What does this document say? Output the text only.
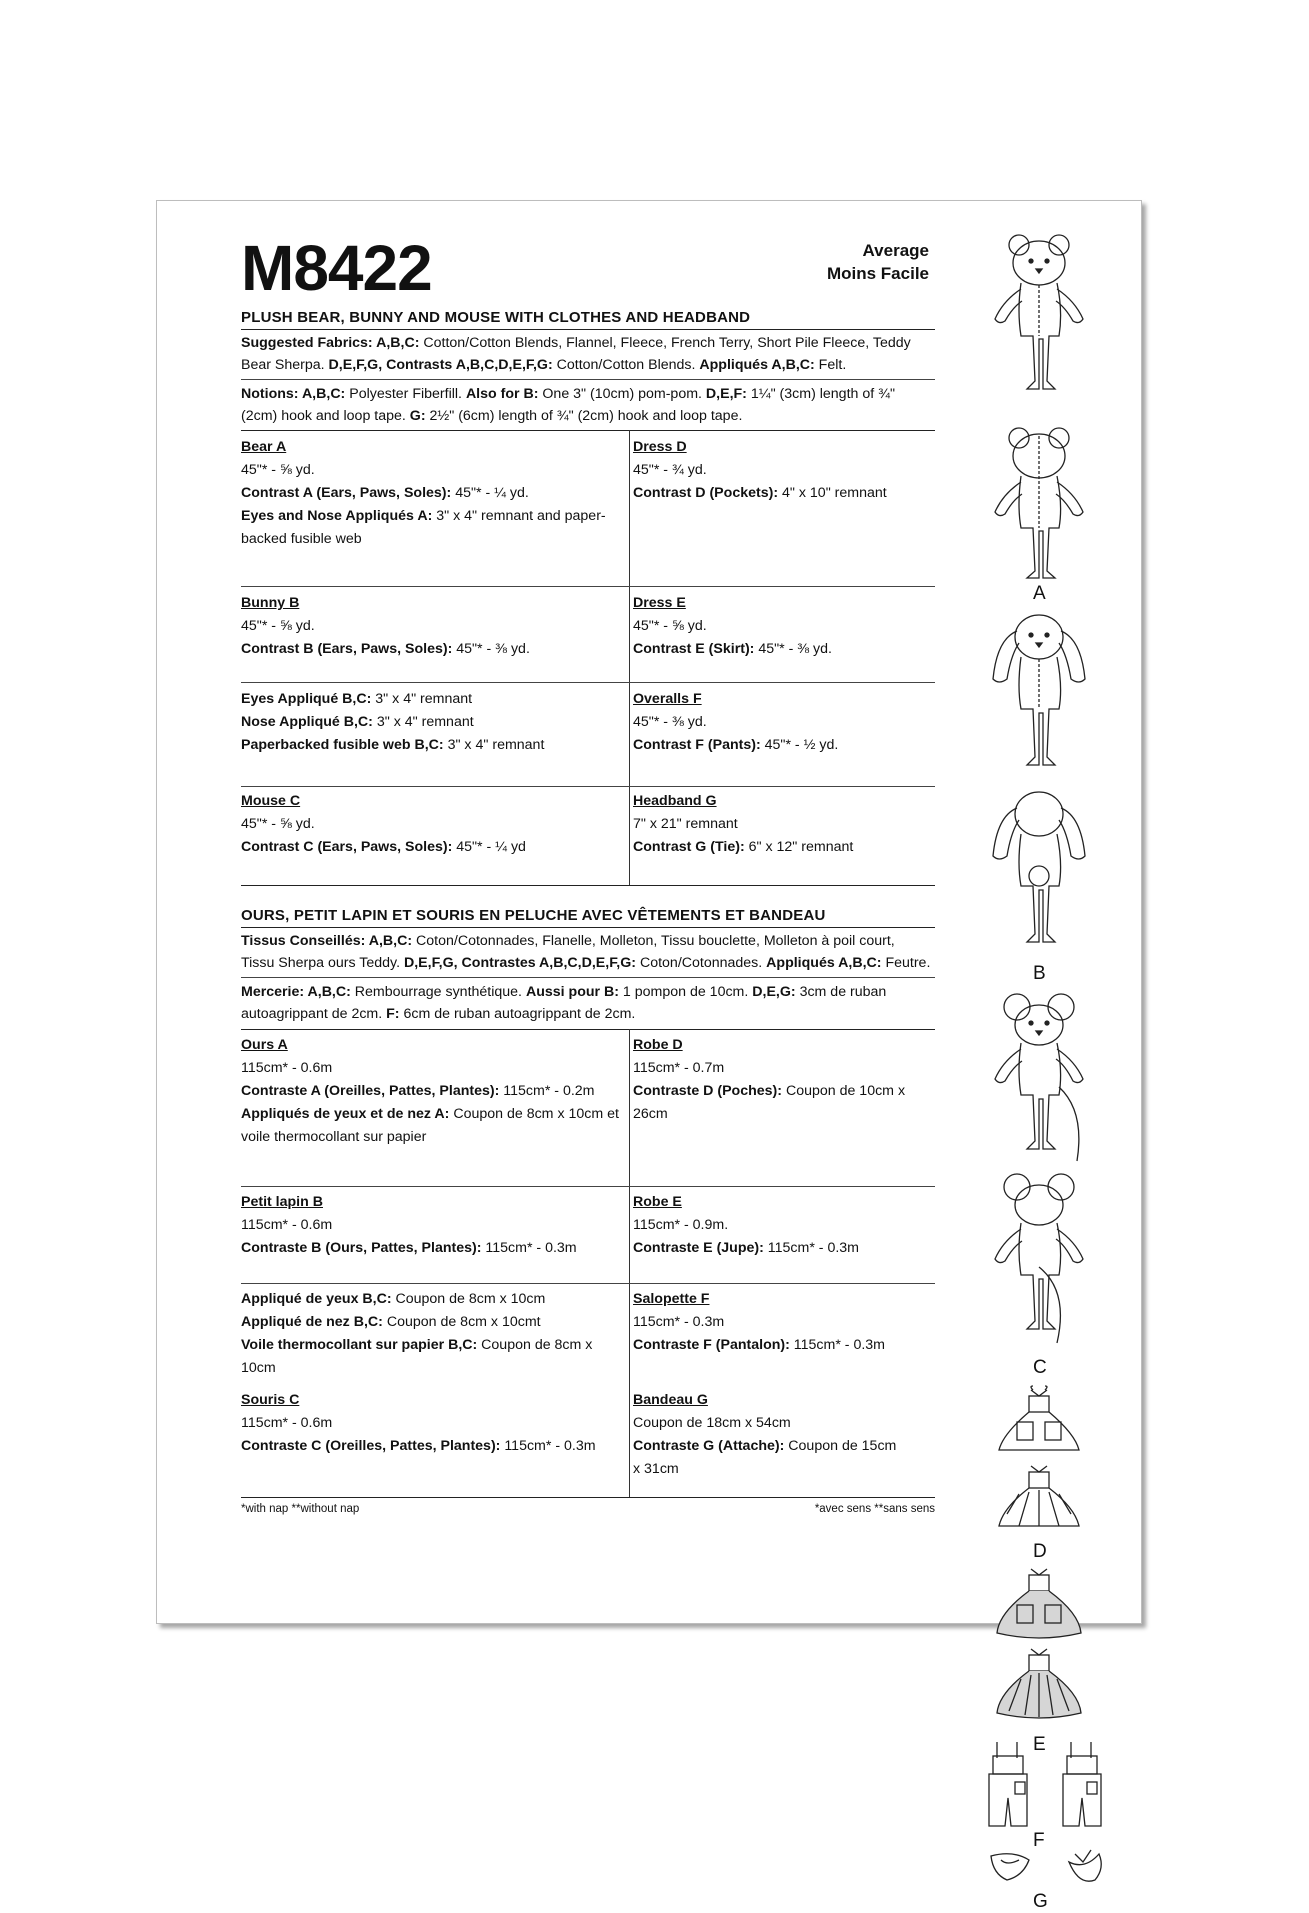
M8422	Average
Moins Facile
PLUSH BEAR, BUNNY AND MOUSE WITH CLOTHES AND HEADBAND
Suggested Fabrics: A,B,C: Cotton/Cotton Blends, Flannel, Fleece, French Terry, Short Pile Fleece, Teddy Bear Sherpa. D,E,F,G, Contrasts A,B,C,D,E,F,G: Cotton/Cotton Blends. Appliqués A,B,C: Felt.
Notions: A,B,C: Polyester Fiberfill. Also for B: One 3" (10cm) pom-pom. D,E,F: 1¼" (3cm) length of ¾" (2cm) hook and loop tape. G: 2½" (6cm) length of ¾" (2cm) hook and loop tape.
OURS, PETIT LAPIN ET SOURIS EN PELUCHE AVEC VÊTEMENTS ET BANDEAU
Tissus Conseillés: A,B,C: Coton/Cotonnades, Flanelle, Molleton, Tissu bouclette, Molleton à poil court, Tissu Sherpa ours Teddy. D,E,F,G, Contrastes A,B,C,D,E,F,G: Coton/Cotonnades. Appliqués A,B,C: Feutre.
Mercerie: A,B,C: Rembourrage synthétique. Aussi pour B: 1 pompon de 10cm. D,E,G: 3cm de ruban autoagrippant de 2cm. F: 6cm de ruban autoagrippant de 2cm.
*with nap **without nap	*avec sens **sans sens
A
B
C
D
E
F
G
Bear A
45"* - ⅝ yd.
Contrast A (Ears, Paws, Soles): 45"* - ¼ yd.
Eyes and Nose Appliqués A: 3" x 4" remnant and paper-
backed fusible web
Bunny B
45"* - ⅝ yd.
Contrast B (Ears, Paws, Soles): 45"* - ⅜ yd.
Eyes Appliqué B,C: 3" x 4" remnant
Nose Appliqué B,C: 3" x 4" remnant
Paperbacked fusible web B,C: 3" x 4" remnant
Mouse C
45"* - ⅝ yd.
Contrast C (Ears, Paws, Soles): 45"* - ¼ yd
Dress D
45"* - ¾ yd.
Contrast D (Pockets): 4" x 10" remnant
Dress E
45"* - ⅝ yd.
Contrast E (Skirt): 45"* - ⅜ yd.
Overalls F
45"* - ⅜ yd.
Contrast F (Pants): 45"* - ½ yd.
Headband G
7" x 21" remnant
Contrast G (Tie): 6" x 12" remnant
Ours A
115cm* - 0.6m
Contraste A (Oreilles, Pattes, Plantes): 115cm* - 0.2m
Appliqués de yeux et de nez A: Coupon de 8cm x 10cm et
voile thermocollant sur papier
Petit lapin B
115cm* - 0.6m
Contraste B (Ours, Pattes, Plantes): 115cm* - 0.3m
Appliqué de yeux B,C: Coupon de 8cm x 10cm
Appliqué de nez B,C: Coupon de 8cm x 10cmt
Voile thermocollant sur papier B,C: Coupon de 8cm x
10cm
Souris C
115cm* - 0.6m
Contraste C (Oreilles, Pattes, Plantes): 115cm* - 0.3m
Robe D
115cm* - 0.7m
Contraste D (Poches): Coupon de 10cm x
26cm
Robe E
115cm* - 0.9m.
Contraste E (Jupe): 115cm* - 0.3m
Salopette F
115cm* - 0.3m
Contraste F (Pantalon): 115cm* - 0.3m
Bandeau G
Coupon de 18cm x 54cm
Contraste G (Attache): Coupon de 15cm
x 31cm
